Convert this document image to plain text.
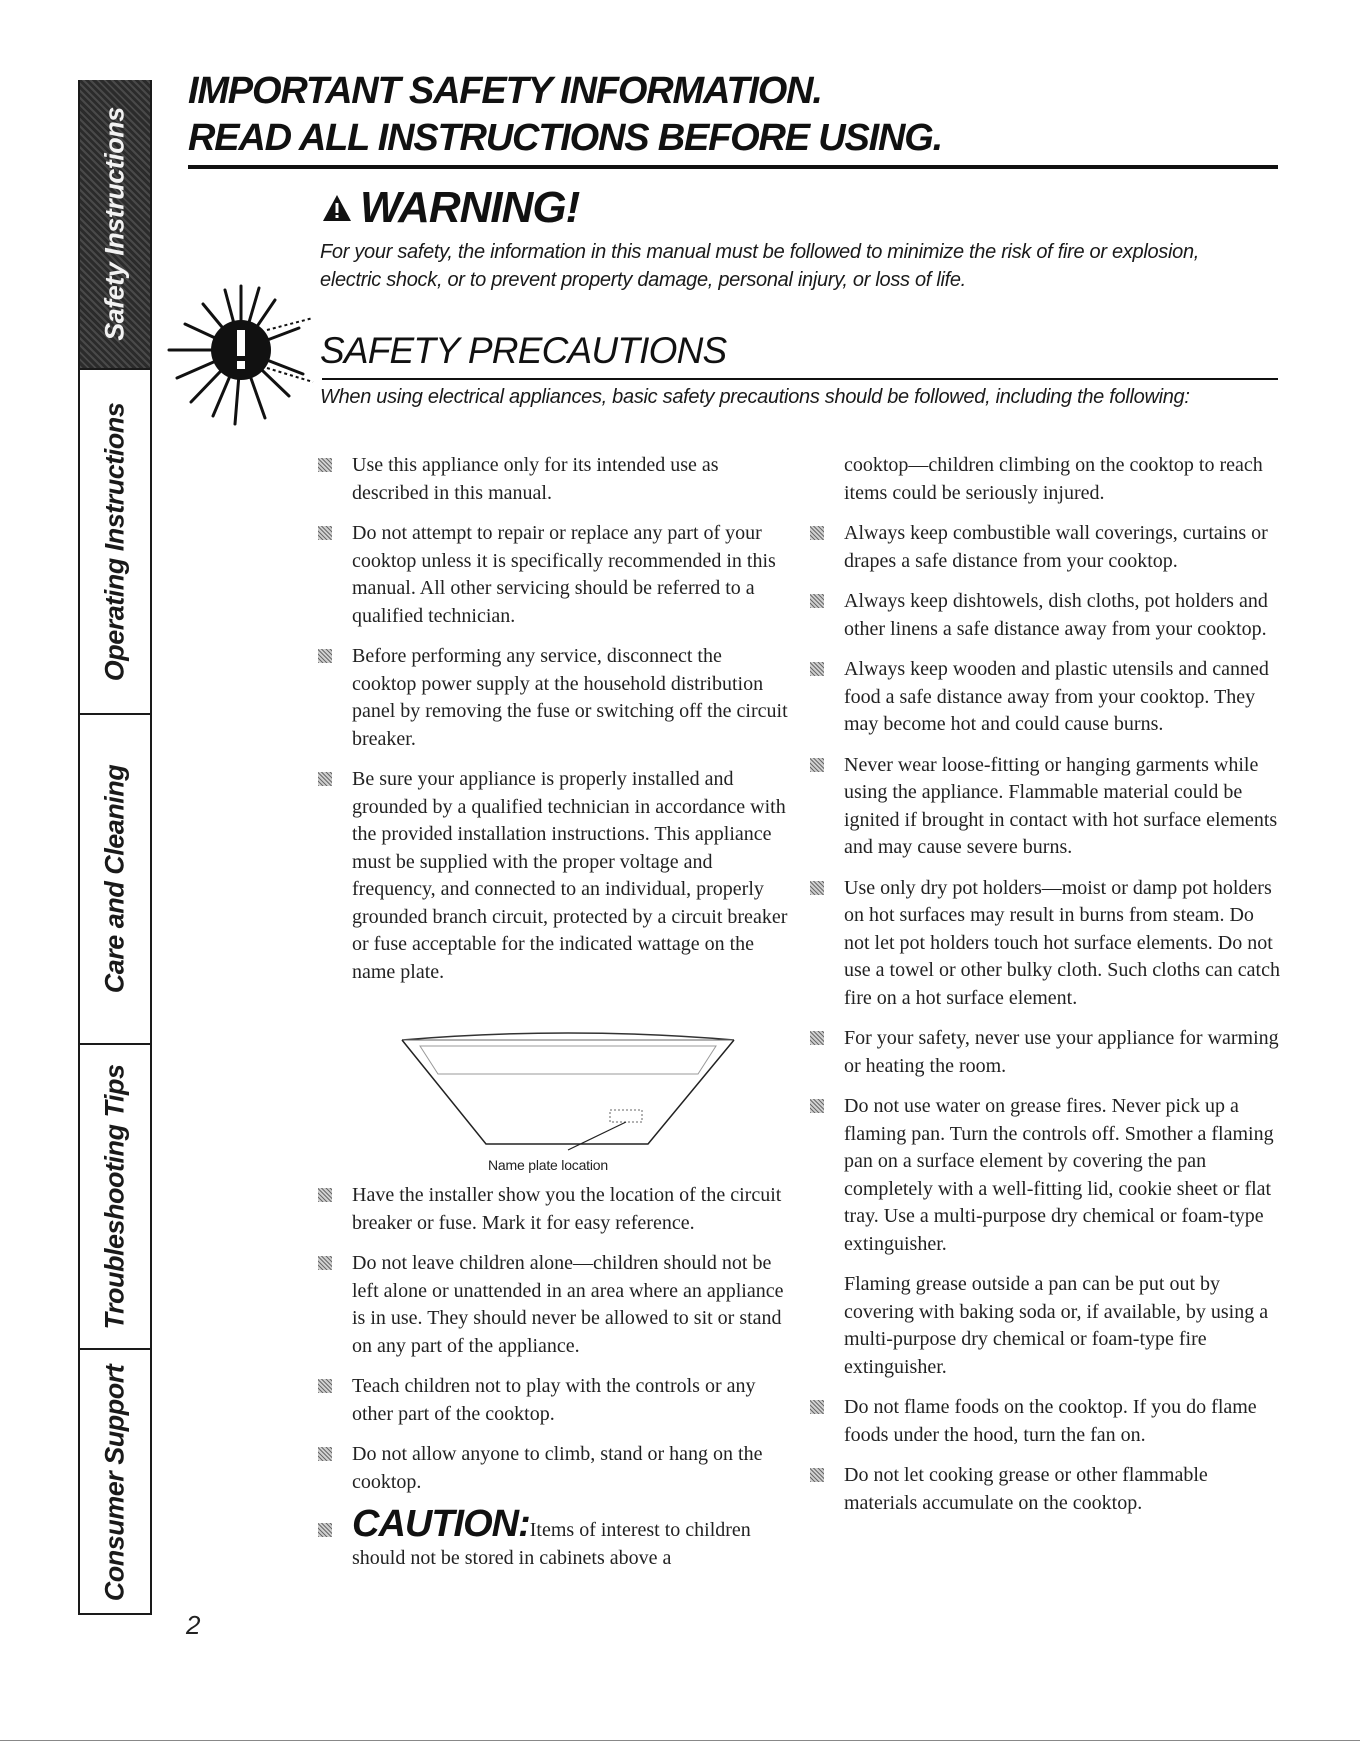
Safety Instructions
Operating Instructions
Care and Cleaning
Troubleshooting Tips
Consumer Support
IMPORTANT SAFETY INFORMATION.
READ ALL INSTRUCTIONS BEFORE USING.
WARNING!
For your safety, the information in this manual must be followed to minimize the risk of fire or explosion, electric shock, or to prevent property damage, personal injury, or loss of life.
SAFETY PRECAUTIONS
When using electrical appliances, basic safety precautions should be followed, including the following:
Use this appliance only for its intended use as described in this manual.
Do not attempt to repair or replace any part of your cooktop unless it is specifically recommended in this manual. All other servicing should be referred to a qualified technician.
Before performing any service, disconnect the cooktop power supply at the household distribution panel by removing the fuse or switching off the circuit breaker.
Be sure your appliance is properly installed and grounded by a qualified technician in accordance with the provided installation instructions. This appliance must be supplied with the proper voltage and frequency, and connected to an individual, properly grounded branch circuit, protected by a circuit breaker or fuse acceptable for the indicated wattage on the name plate.
Name plate location
Have the installer show you the location of the circuit breaker or fuse. Mark it for easy reference.
Do not leave children alone—children should not be left alone or unattended in an area where an appliance is in use. They should never be allowed to sit or stand on any part of the appliance.
Teach children not to play with the controls or any other part of the cooktop.
Do not allow anyone to climb, stand or hang on the cooktop.
CAUTION:Items of interest to children should not be stored in cabinets above a
cooktop—children climbing on the cooktop to reach items could be seriously injured.
Always keep combustible wall coverings, curtains or drapes a safe distance from your cooktop.
Always keep dishtowels, dish cloths, pot holders and other linens a safe distance away from your cooktop.
Always keep wooden and plastic utensils and canned food a safe distance away from your cooktop. They may become hot and could cause burns.
Never wear loose-fitting or hanging garments while using the appliance. Flammable material could be ignited if brought in contact with hot surface elements and may cause severe burns.
Use only dry pot holders—moist or damp pot holders on hot surfaces may result in burns from steam. Do not let pot holders touch hot surface elements. Do not use a towel or other bulky cloth. Such cloths can catch fire on a hot surface element.
For your safety, never use your appliance for warming or heating the room.
Do not use water on grease fires. Never pick up a flaming pan. Turn the controls off. Smother a flaming pan on a surface element by covering the pan completely with a well-fitting lid, cookie sheet or flat tray. Use a multi-purpose dry chemical or foam-type extinguisher.
Flaming grease outside a pan can be put out by covering with baking soda or, if available, by using a multi-purpose dry chemical or foam-type fire extinguisher.
Do not flame foods on the cooktop. If you do flame foods under the hood, turn the fan on.
Do not let cooking grease or other flammable materials accumulate on the cooktop.
2
